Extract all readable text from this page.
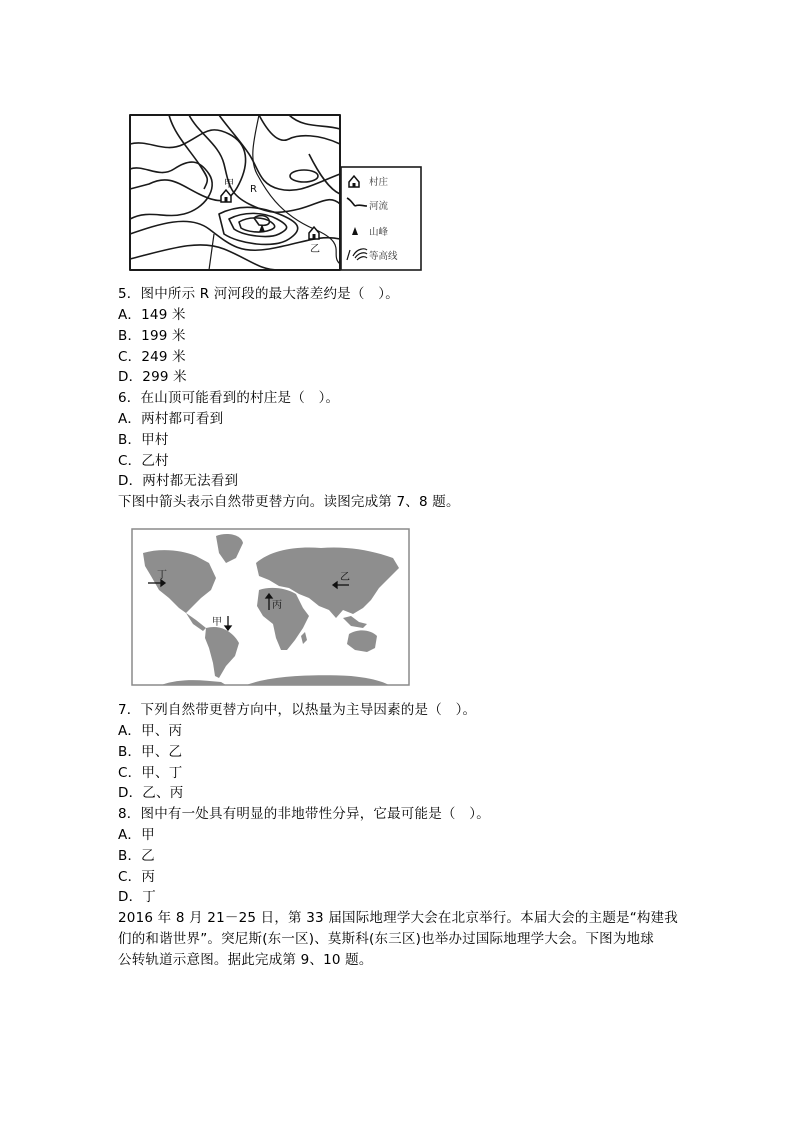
甲 R
乙
村庄
河流
山峰
等高线
5．图中所示 R 河河段的最大落差约是（　）。
A．149 米
B．199 米
C．249 米
D．299 米
6．在山顶可能看到的村庄是（　）。
A．两村都可看到
B．甲村
C．乙村
D．两村都无法看到
下图中箭头表示自然带更替方向。读图完成第 7、8 题。
丁	乙
丙
甲
7．下列自然带更替方向中，以热量为主导因素的是（　）。
A．甲、丙
B．甲、乙
C．甲、丁
D．乙、丙
8．图中有一处具有明显的非地带性分异，它最可能是（　）。
A．甲
B．乙
C．丙
D．丁
2016 年 8 月 21－25 日，第 33 届国际地理学大会在北京举行。本届大会的主题是“构建我
们的和谐世界”。突尼斯(东一区)、莫斯科(东三区)也举办过国际地理学大会。下图为地球
公转轨道示意图。据此完成第 9、10 题。
